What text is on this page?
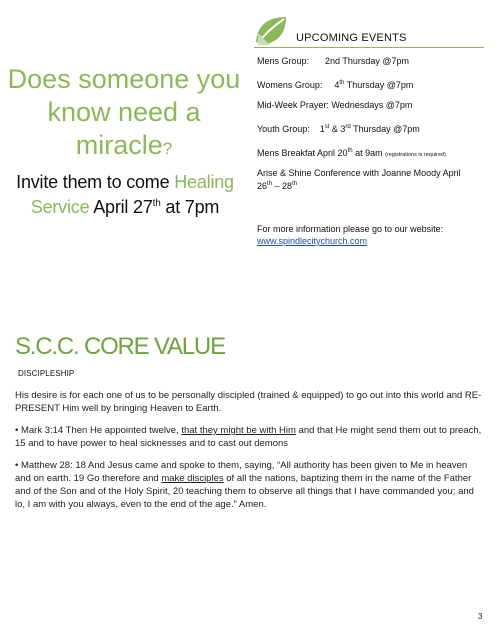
Does someone you know need a miracle?
Invite them to come Healing Service April 27th at 7pm
UPCOMING EVENTS
Mens Group: 2nd Thursday @7pm
Womens Group: 4th Thursday @7pm
Mid-Week Prayer: Wednesdays @7pm
Youth Group: 1st & 3rd Thursday @7pm
Mens Breakfat April 20th at 9am (registrations is required)
Arise & Shine Conference with Joanne Moody April
26th – 28th
For more information please go to our website:
www.spindlecitychurch.com
S.C.C. CORE VALUE
DISCIPLESHIP
His desire is for each one of us to be personally discipled (trained & equipped) to go out into this world and RE-PRESENT Him well by bringing Heaven to Earth.
• Mark 3:14 Then He appointed twelve, that they might be with Him and that He might send them out to preach, 15 and to have power to heal sicknesses and to cast out demons
• Matthew 28: 18 And Jesus came and spoke to them, saying, “All authority has been given to Me in heaven and on earth. 19 Go therefore and make disciples of all the nations, baptizing them in the name of the Father and of the Son and of the Holy Spirit, 20 teaching them to observe all things that I have commanded you; and lo, I am with you always, even to the end of the age.” Amen.
3
